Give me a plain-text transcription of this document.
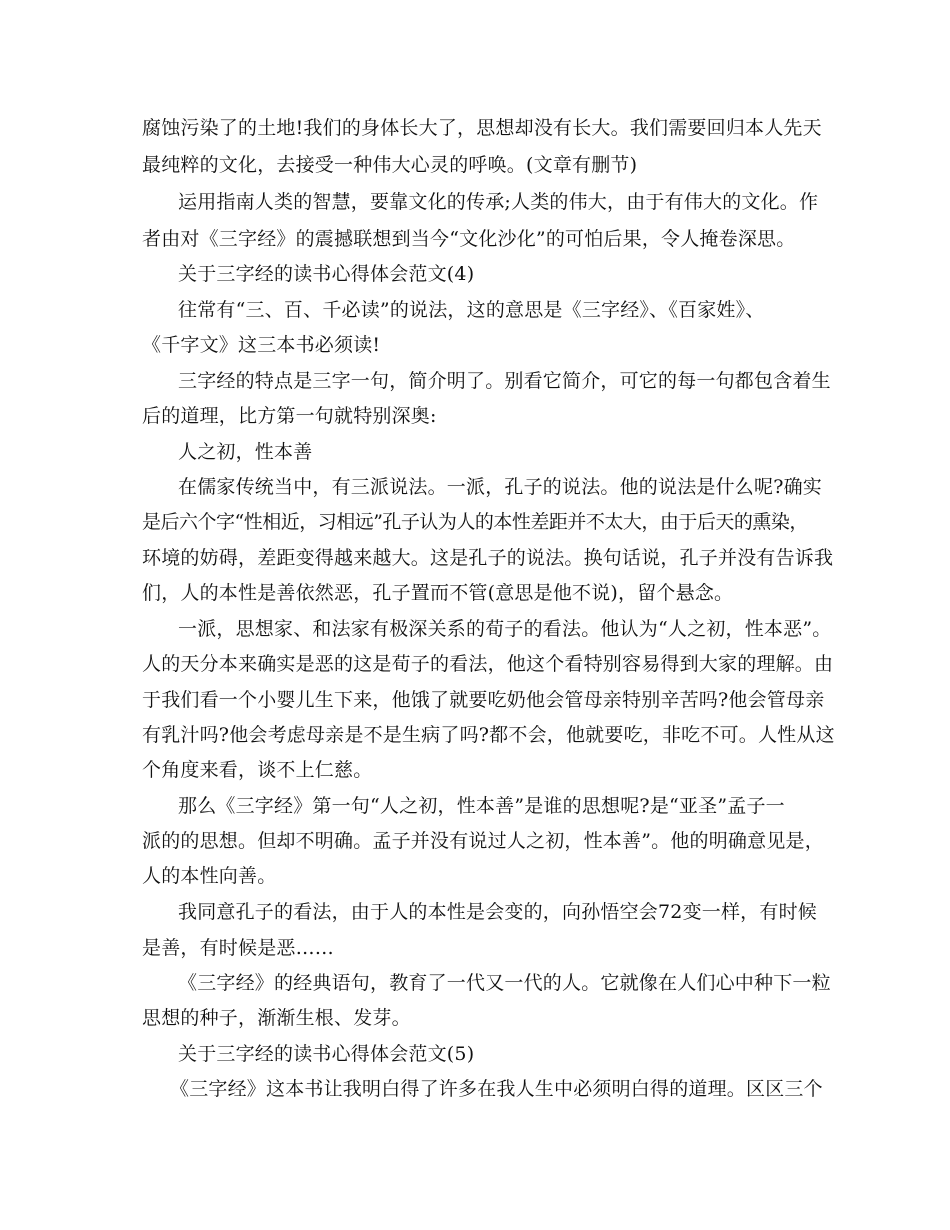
腐蚀污染了的土地!我们的身体长大了，思想却没有长大。我们需要回归本人先天
最纯粹的文化，去接受一种伟大心灵的呼唤。(文章有删节)
运用指南人类的智慧，要靠文化的传承;人类的伟大，由于有伟大的文化。作
者由对《三字经》的震撼联想到当今“文化沙化”的可怕后果，令人掩卷深思。
关于三字经的读书心得体会范文(4)
往常有“三、百、千必读”的说法，这的意思是《三字经》、《百家姓》、
《千字文》这三本书必须读!
三字经的特点是三字一句，简介明了。别看它简介，可它的每一句都包含着生
后的道理，比方第一句就特别深奥:
人之初，性本善
在儒家传统当中，有三派说法。一派，孔子的说法。他的说法是什么呢?确实
是后六个字“性相近，习相远”孔子认为人的本性差距并不太大，由于后天的熏染，
环境的妨碍，差距变得越来越大。这是孔子的说法。换句话说，孔子并没有告诉我
们，人的本性是善依然恶，孔子置而不管(意思是他不说)，留个悬念。
一派，思想家、和法家有极深关系的荀子的看法。他认为“人之初，性本恶”。
人的天分本来确实是恶的这是荀子的看法，他这个看特别容易得到大家的理解。由
于我们看一个小婴儿生下来，他饿了就要吃奶他会管母亲特别辛苦吗?他会管母亲
有乳汁吗?他会考虑母亲是不是生病了吗?都不会，他就要吃，非吃不可。人性从这
个角度来看，谈不上仁慈。
那么《三字经》第一句“人之初，性本善”是谁的思想呢?是“亚圣”孟子一
派的的思想。但却不明确。孟子并没有说过人之初，性本善”。他的明确意见是，
人的本性向善。
我同意孔子的看法，由于人的本性是会变的，向孙悟空会72变一样，有时候
是善，有时候是恶……
《三字经》的经典语句，教育了一代又一代的人。它就像在人们心中种下一粒
思想的种子，渐渐生根、发芽。
关于三字经的读书心得体会范文(5)
《三字经》这本书让我明白得了许多在我人生中必须明白得的道理。区区三个
